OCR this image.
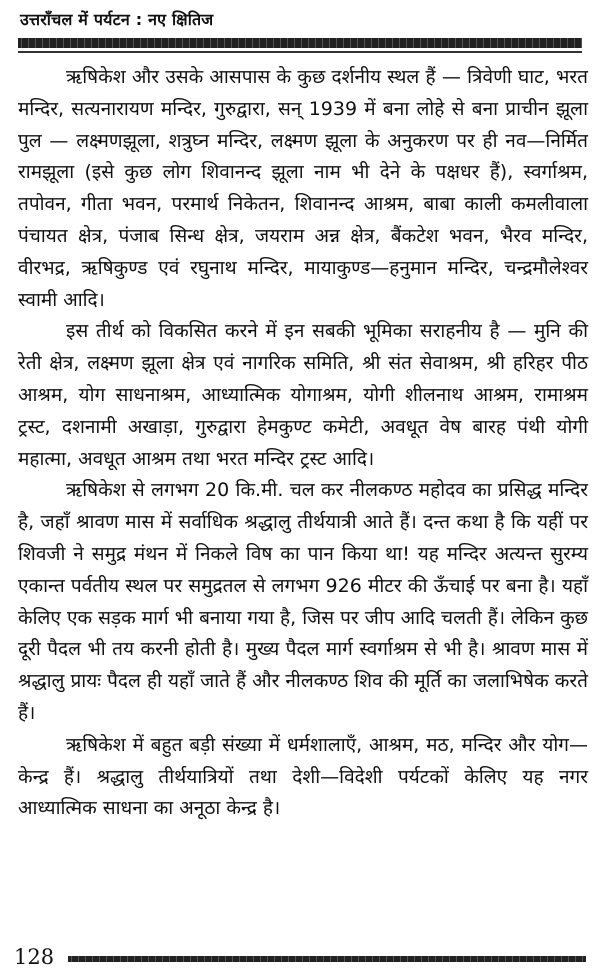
उत्तराँचल में पर्यटन : नए क्षितिज

ऋषिकेश और उसके आसपास के कुछ दर्शनीय स्थल हैं — त्रिवेणी घाट, भरत मन्दिर, सत्यनारायण मन्दिर, गुरुद्वारा, सन् 1939 में बना लोहे से बना प्राचीन झूला पुल — लक्ष्मणझूला, शत्रुघ्न मन्दिर, लक्ष्मण झूला के अनुकरण पर ही नव—निर्मित रामझूला (इसे कुछ लोग शिवानन्द झूला नाम भी देने के पक्षधर हैं), स्वर्गाश्रम, तपोवन, गीता भवन, परमार्थ निकेतन, शिवानन्द आश्रम, बाबा काली कमलीवाला पंचायत क्षेत्र, पंजाब सिन्ध क्षेत्र, जयराम अन्न क्षेत्र, बैंकटेश भवन, भैरव मन्दिर, वीरभद्र, ऋषिकुण्ड एवं रघुनाथ मन्दिर, मायाकुण्ड—हनुमान मन्दिर, चन्द्रमौलेश्वर स्वामी आदि।

इस तीर्थ को विकसित करने में इन सबकी भूमिका सराहनीय है — मुनि की रेती क्षेत्र, लक्ष्मण झूला क्षेत्र एवं नागरिक समिति, श्री संत सेवाश्रम, श्री हरिहर पीठ आश्रम, योग साधनाश्रम, आध्यात्मिक योगाश्रम, योगी शीलनाथ आश्रम, रामाश्रम ट्रस्ट, दशनामी अखाड़ा, गुरुद्वारा हेमकुण्ट कमेटी, अवधूत वेष बारह पंथी योगी महात्मा, अवधूत आश्रम तथा भरत मन्दिर ट्रस्ट आदि।

ऋषिकेश से लगभग 20 कि.मी. चल कर नीलकण्ठ महोदव का प्रसिद्ध मन्दिर है, जहाँ श्रावण मास में सर्वाधिक श्रद्धालु तीर्थयात्री आते हैं। दन्त कथा है कि यहीं पर शिवजी ने समुद्र मंथन में निकले विष का पान किया था! यह मन्दिर अत्यन्त सुरम्य एकान्त पर्वतीय स्थल पर समुद्रतल से लगभग 926 मीटर की ऊँचाई पर बना है। यहाँ केलिए एक सड़क मार्ग भी बनाया गया है, जिस पर जीप आदि चलती हैं। लेकिन कुछ दूरी पैदल भी तय करनी होती है। मुख्य पैदल मार्ग स्वर्गाश्रम से भी है। श्रावण मास में श्रद्धालु प्रायः पैदल ही यहाँ जाते हैं और नीलकण्ठ शिव की मूर्ति का जलाभिषेक करते हैं।

ऋषिकेश में बहुत बड़ी संख्या में धर्मशालाएँ, आश्रम, मठ, मन्दिर और योग—केन्द्र हैं। श्रद्धालु तीर्थयात्रियों तथा देशी—विदेशी पर्यटकों केलिए यह नगर आध्यात्मिक साधना का अनूठा केन्द्र है।

128
